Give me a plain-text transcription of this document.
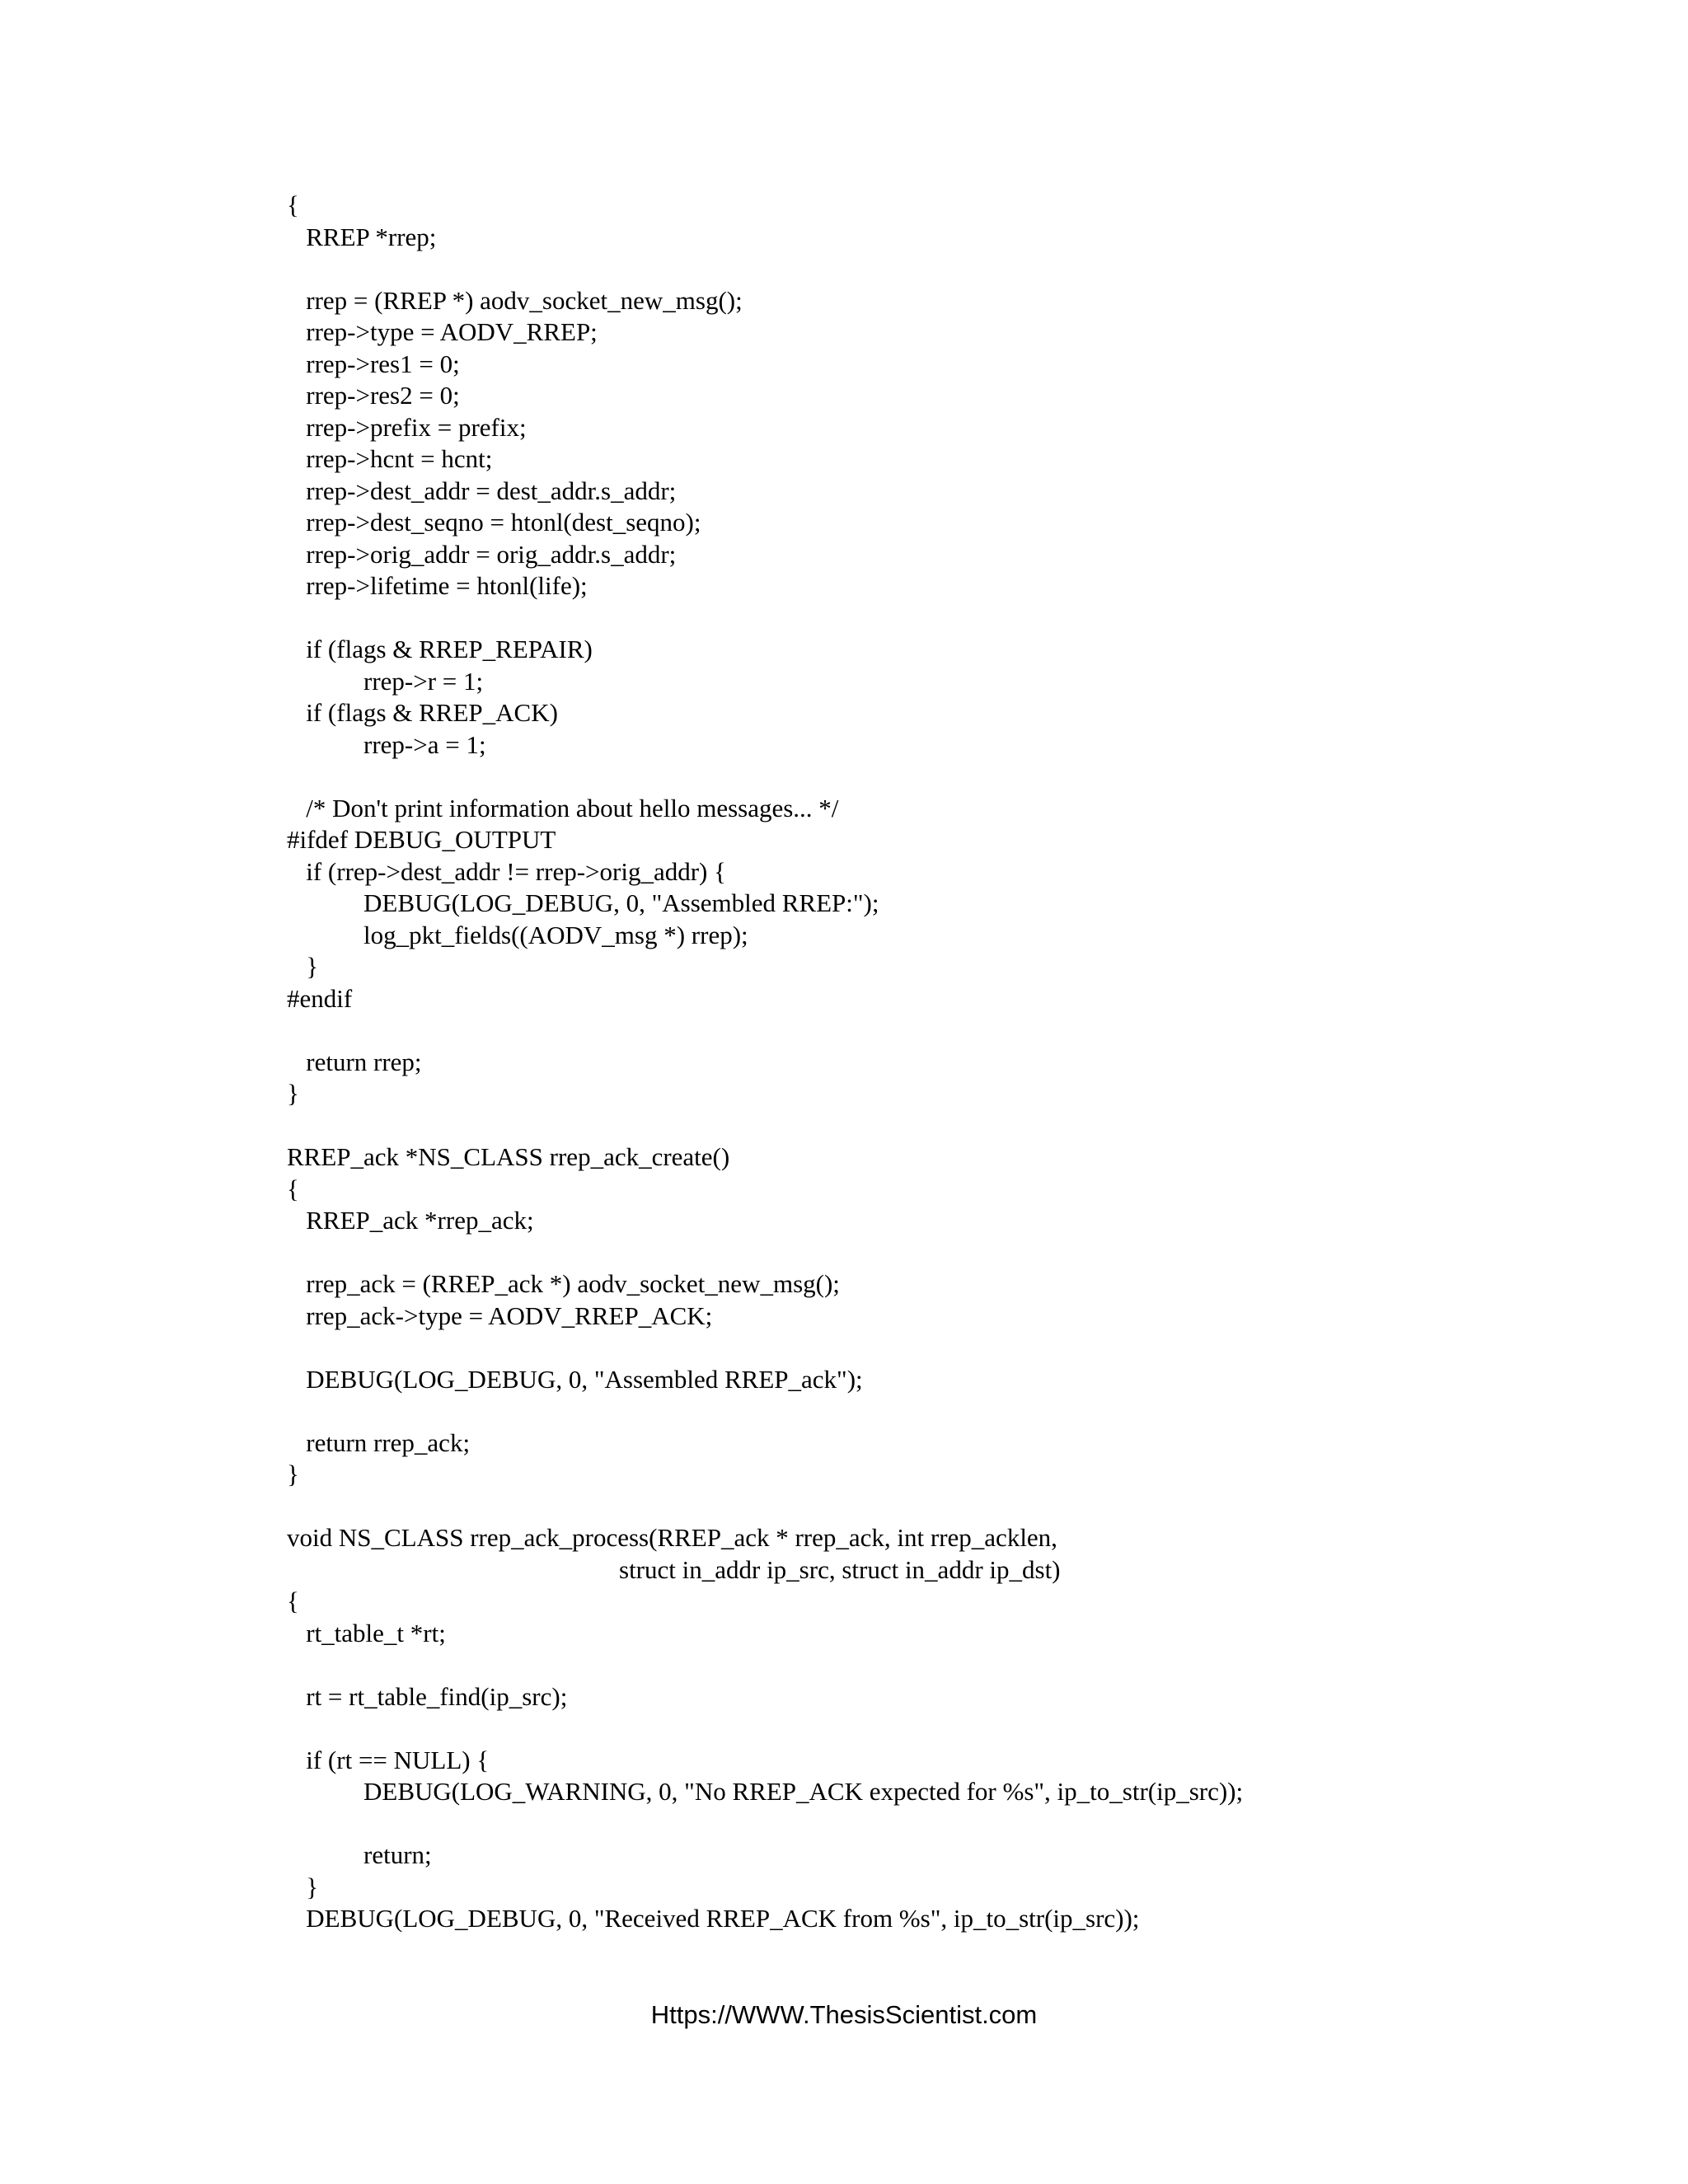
{
RREP *rrep;
rrep = (RREP *) aodv_socket_new_msg();
rrep->type = AODV_RREP;
rrep->res1 = 0;
rrep->res2 = 0;
rrep->prefix = prefix;
rrep->hcnt = hcnt;
rrep->dest_addr = dest_addr.s_addr;
rrep->dest_seqno = htonl(dest_seqno);
rrep->orig_addr = orig_addr.s_addr;
rrep->lifetime = htonl(life);
if (flags & RREP_REPAIR)
rrep->r = 1;
if (flags & RREP_ACK)
rrep->a = 1;
/* Don't print information about hello messages... */
#ifdef DEBUG_OUTPUT
if (rrep->dest_addr != rrep->orig_addr) {
DEBUG(LOG_DEBUG, 0, "Assembled RREP:");
log_pkt_fields((AODV_msg *) rrep);
}
#endif
return rrep;
}
RREP_ack *NS_CLASS rrep_ack_create()
{
RREP_ack *rrep_ack;
rrep_ack = (RREP_ack *) aodv_socket_new_msg();
rrep_ack->type = AODV_RREP_ACK;
DEBUG(LOG_DEBUG, 0, "Assembled RREP_ack");
return rrep_ack;
}
void NS_CLASS rrep_ack_process(RREP_ack * rrep_ack, int rrep_acklen,
struct in_addr ip_src, struct in_addr ip_dst)
{
rt_table_t *rt;
rt = rt_table_find(ip_src);
if (rt == NULL) {
DEBUG(LOG_WARNING, 0, "No RREP_ACK expected for %s", ip_to_str(ip_src));
return;
}
DEBUG(LOG_DEBUG, 0, "Received RREP_ACK from %s", ip_to_str(ip_src));
Https://WWW.ThesisScientist.com
